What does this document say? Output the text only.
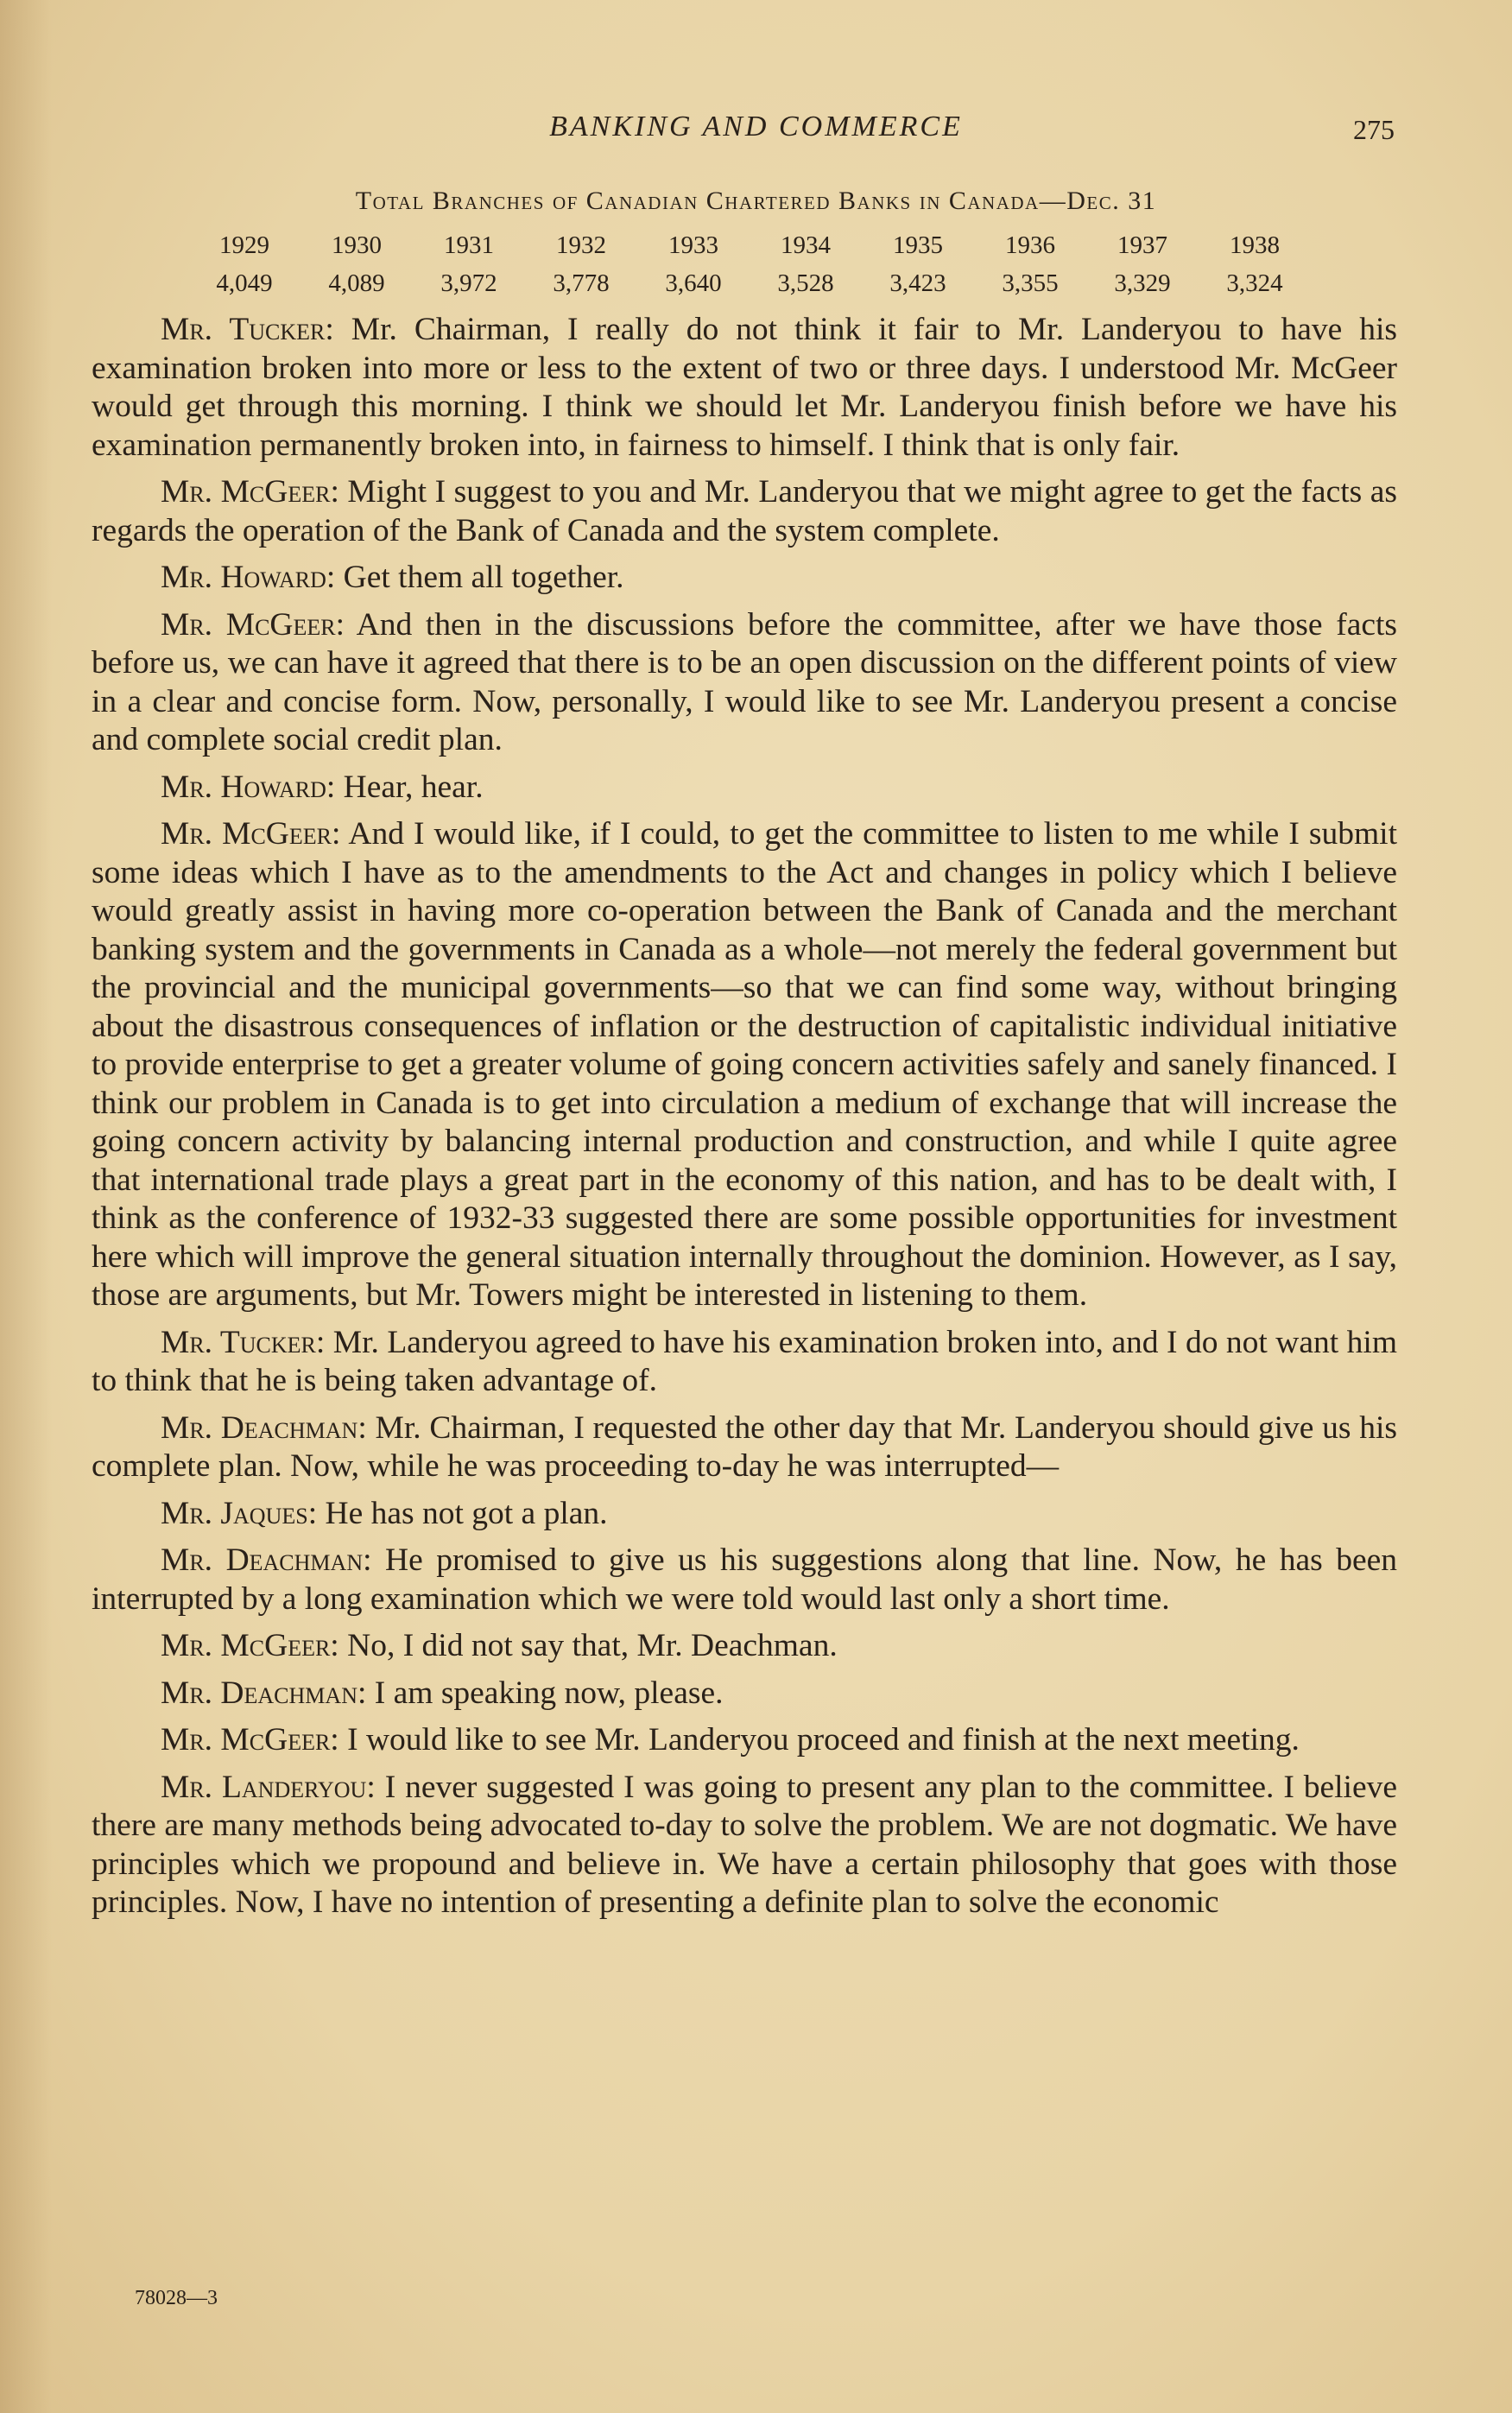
BANKING AND COMMERCE	275
Total Branches of Canadian Chartered Banks in Canada—Dec. 31
1929	1930	1931	1932	1933	1934	1935	1936	1937	1938
4,049	4,089	3,972	3,778	3,640	3,528	3,423	3,355	3,329	3,324

Mr. Tucker: Mr. Chairman, I really do not think it fair to Mr. Landeryou to have his examination broken into more or less to the extent of two or three days. I understood Mr. McGeer would get through this morning. I think we should let Mr. Landeryou finish before we have his examination permanently broken into, in fairness to himself. I think that is only fair.

Mr. McGeer: Might I suggest to you and Mr. Landeryou that we might agree to get the facts as regards the operation of the Bank of Canada and the system complete.

Mr. Howard: Get them all together.

Mr. McGeer: And then in the discussions before the committee, after we have those facts before us, we can have it agreed that there is to be an open discussion on the different points of view in a clear and concise form. Now, personally, I would like to see Mr. Landeryou present a concise and complete social credit plan.

Mr. Howard: Hear, hear.

Mr. McGeer: And I would like, if I could, to get the committee to listen to me while I submit some ideas which I have as to the amendments to the Act and changes in policy which I believe would greatly assist in having more co-operation between the Bank of Canada and the merchant banking system and the governments in Canada as a whole—not merely the federal government but the provincial and the municipal governments—so that we can find some way, without bringing about the disastrous consequences of inflation or the destruction of capitalistic individual initiative to provide enterprise to get a greater volume of going concern activities safely and sanely financed. I think our problem in Canada is to get into circulation a medium of exchange that will increase the going concern activity by balancing internal production and construction, and while I quite agree that international trade plays a great part in the economy of this nation, and has to be dealt with, I think as the conference of 1932-33 suggested there are some possible opportunities for investment here which will improve the general situation internally throughout the dominion. However, as I say, those are arguments, but Mr. Towers might be interested in listening to them.

Mr. Tucker: Mr. Landeryou agreed to have his examination broken into, and I do not want him to think that he is being taken advantage of.

Mr. Deachman: Mr. Chairman, I requested the other day that Mr. Landeryou should give us his complete plan. Now, while he was proceeding to-day he was interrupted—

Mr. Jaques: He has not got a plan.

Mr. Deachman: He promised to give us his suggestions along that line. Now, he has been interrupted by a long examination which we were told would last only a short time.

Mr. McGeer: No, I did not say that, Mr. Deachman.

Mr. Deachman: I am speaking now, please.

Mr. McGeer: I would like to see Mr. Landeryou proceed and finish at the next meeting.

Mr. Landeryou: I never suggested I was going to present any plan to the committee. I believe there are many methods being advocated to-day to solve the problem. We are not dogmatic. We have principles which we propound and believe in. We have a certain philosophy that goes with those principles. Now, I have no intention of presenting a definite plan to solve the economic

78028—3
